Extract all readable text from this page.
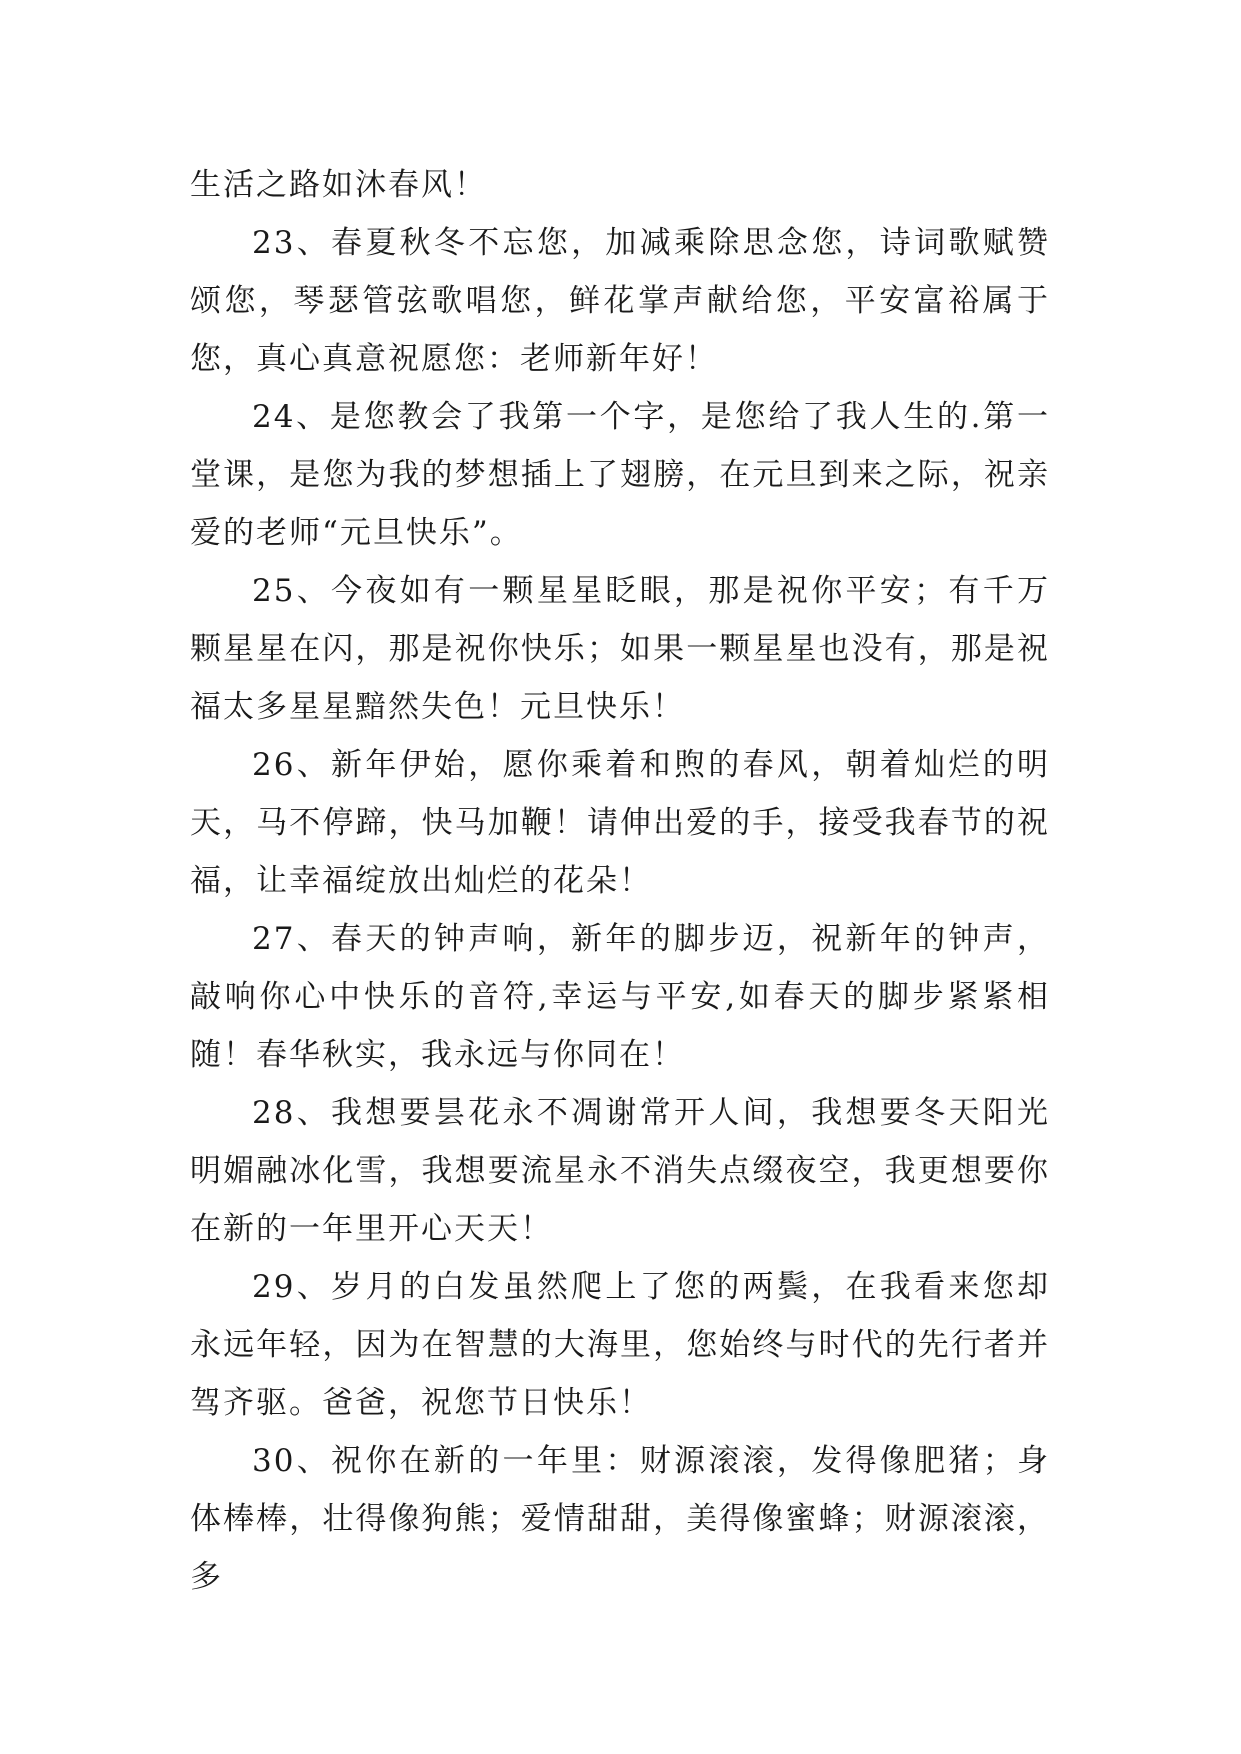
生活之路如沐春风！

23、春夏秋冬不忘您，加减乘除思念您，诗词歌赋赞颂您，琴瑟管弦歌唱您，鲜花掌声献给您，平安富裕属于您，真心真意祝愿您：老师新年好！

24、是您教会了我第一个字，是您给了我人生的.第一堂课，是您为我的梦想插上了翅膀，在元旦到来之际，祝亲爱的老师“元旦快乐”。

25、今夜如有一颗星星眨眼，那是祝你平安；有千万颗星星在闪，那是祝你快乐；如果一颗星星也没有，那是祝福太多星星黯然失色！元旦快乐！

26、新年伊始，愿你乘着和煦的春风，朝着灿烂的明天，马不停蹄，快马加鞭！请伸出爱的手，接受我春节的祝福，让幸福绽放出灿烂的花朵！

27、春天的钟声响，新年的脚步迈，祝新年的钟声，敲响你心中快乐的音符,幸运与平安,如春天的脚步紧紧相随！春华秋实，我永远与你同在！

28、我想要昙花永不凋谢常开人间，我想要冬天阳光明媚融冰化雪，我想要流星永不消失点缀夜空，我更想要你在新的一年里开心天天！

29、岁月的白发虽然爬上了您的两鬓，在我看来您却永远年轻，因为在智慧的大海里，您始终与时代的先行者并驾齐驱。爸爸，祝您节日快乐！

30、祝你在新的一年里：财源滚滚，发得像肥猪；身体棒棒，壮得像狗熊；爱情甜甜，美得像蜜蜂；财源滚滚，多
